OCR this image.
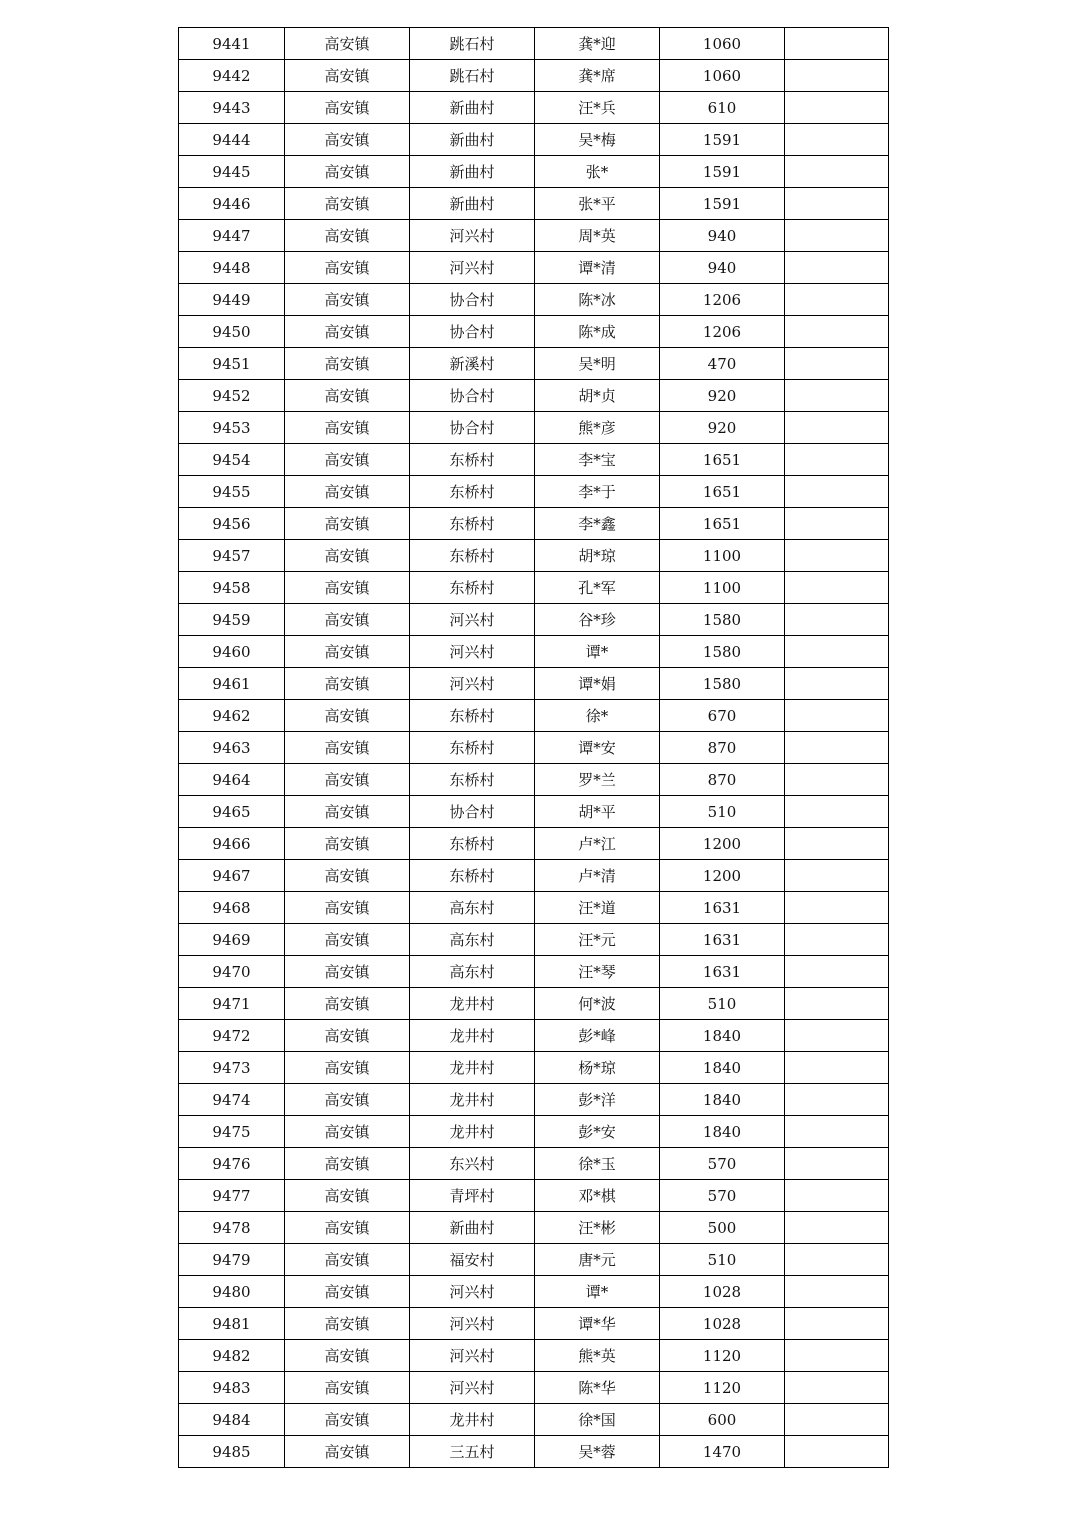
9441	高安镇	跳石村	龚*迎	1060	
9442	高安镇	跳石村	龚*席	1060	
9443	高安镇	新曲村	汪*兵	610	
9444	高安镇	新曲村	吴*梅	1591	
9445	高安镇	新曲村	张*	1591	
9446	高安镇	新曲村	张*平	1591	
9447	高安镇	河兴村	周*英	940	
9448	高安镇	河兴村	谭*清	940	
9449	高安镇	协合村	陈*冰	1206	
9450	高安镇	协合村	陈*成	1206	
9451	高安镇	新溪村	吴*明	470	
9452	高安镇	协合村	胡*贞	920	
9453	高安镇	协合村	熊*彦	920	
9454	高安镇	东桥村	李*宝	1651	
9455	高安镇	东桥村	李*于	1651	
9456	高安镇	东桥村	李*鑫	1651	
9457	高安镇	东桥村	胡*琼	1100	
9458	高安镇	东桥村	孔*军	1100	
9459	高安镇	河兴村	谷*珍	1580	
9460	高安镇	河兴村	谭*	1580	
9461	高安镇	河兴村	谭*娟	1580	
9462	高安镇	东桥村	徐*	670	
9463	高安镇	东桥村	谭*安	870	
9464	高安镇	东桥村	罗*兰	870	
9465	高安镇	协合村	胡*平	510	
9466	高安镇	东桥村	卢*江	1200	
9467	高安镇	东桥村	卢*清	1200	
9468	高安镇	高东村	汪*道	1631	
9469	高安镇	高东村	汪*元	1631	
9470	高安镇	高东村	汪*琴	1631	
9471	高安镇	龙井村	何*波	510	
9472	高安镇	龙井村	彭*峰	1840	
9473	高安镇	龙井村	杨*琼	1840	
9474	高安镇	龙井村	彭*洋	1840	
9475	高安镇	龙井村	彭*安	1840	
9476	高安镇	东兴村	徐*玉	570	
9477	高安镇	青坪村	邓*棋	570	
9478	高安镇	新曲村	汪*彬	500	
9479	高安镇	福安村	唐*元	510	
9480	高安镇	河兴村	谭*	1028	
9481	高安镇	河兴村	谭*华	1028	
9482	高安镇	河兴村	熊*英	1120	
9483	高安镇	河兴村	陈*华	1120	
9484	高安镇	龙井村	徐*国	600	
9485	高安镇	三五村	吴*蓉	1470	
